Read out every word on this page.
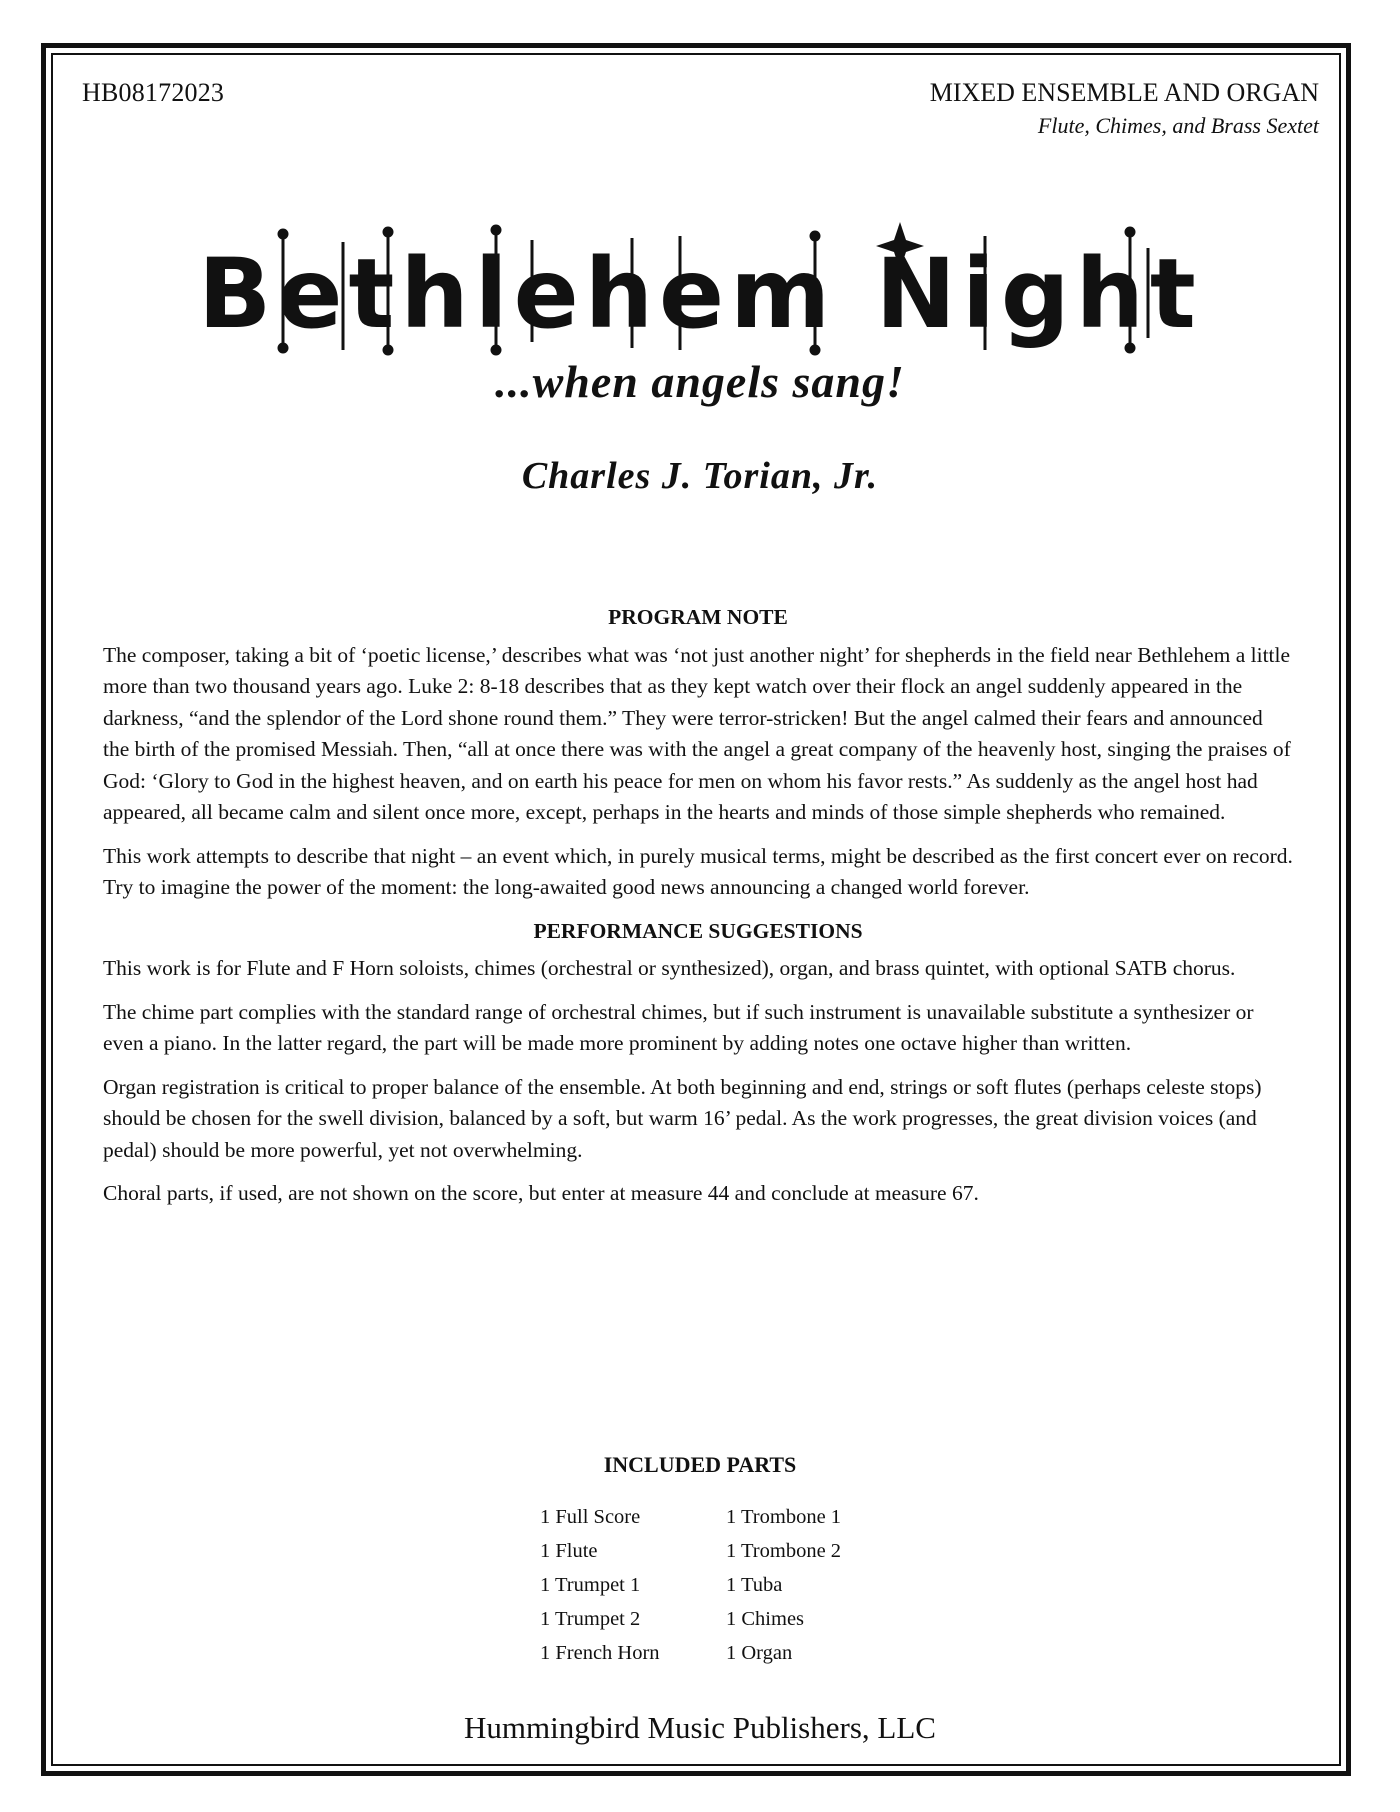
HB08172023	MIXED ENSEMBLE AND ORGAN
Flute, Chimes, and Brass Sextet
Bethlehem Night
...when angels sang!
Charles J. Torian, Jr.
PROGRAM NOTE

The composer, taking a bit of ‘poetic license,’ describes what was ‘not just another night’ for shepherds in the field near Bethlehem a little more than two thousand years ago. Luke 2: 8-18 describes that as they kept watch over their flock an angel suddenly appeared in the darkness, “and the splendor of the Lord shone round them.” They were terror-stricken! But the angel calmed their fears and announced the birth of the promised Messiah. Then, “all at once there was with the angel a great company of the heavenly host, singing the praises of God: ‘Glory to God in the highest heaven, and on earth his peace for men on whom his favor rests.” As suddenly as the angel host had appeared, all became calm and silent once more, except, perhaps in the hearts and minds of those simple shepherds who remained.

This work attempts to describe that night – an event which, in purely musical terms, might be described as the first concert ever on record. Try to imagine the power of the moment: the long-awaited good news announcing a changed world forever.

PERFORMANCE SUGGESTIONS

This work is for Flute and F Horn soloists, chimes (orchestral or synthesized), organ, and brass quintet, with optional SATB chorus.

The chime part complies with the standard range of orchestral chimes, but if such instrument is unavailable substitute a synthesizer or even a piano. In the latter regard, the part will be made more prominent by adding notes one octave higher than written.

Organ registration is critical to proper balance of the ensemble. At both beginning and end, strings or soft flutes (perhaps celeste stops) should be chosen for the swell division, balanced by a soft, but warm 16’ pedal. As the work progresses, the great division voices (and pedal) should be more powerful, yet not overwhelming.

Choral parts, if used, are not shown on the score, but enter at measure 44 and conclude at measure 67.

INCLUDED PARTS
1 Full Score
1 Flute
1 Trumpet 1
1 Trumpet 2
1 French Horn
1 Trombone 1
1 Trombone 2
1 Tuba
1 Chimes
1 Organ
Hummingbird Music Publishers, LLC
